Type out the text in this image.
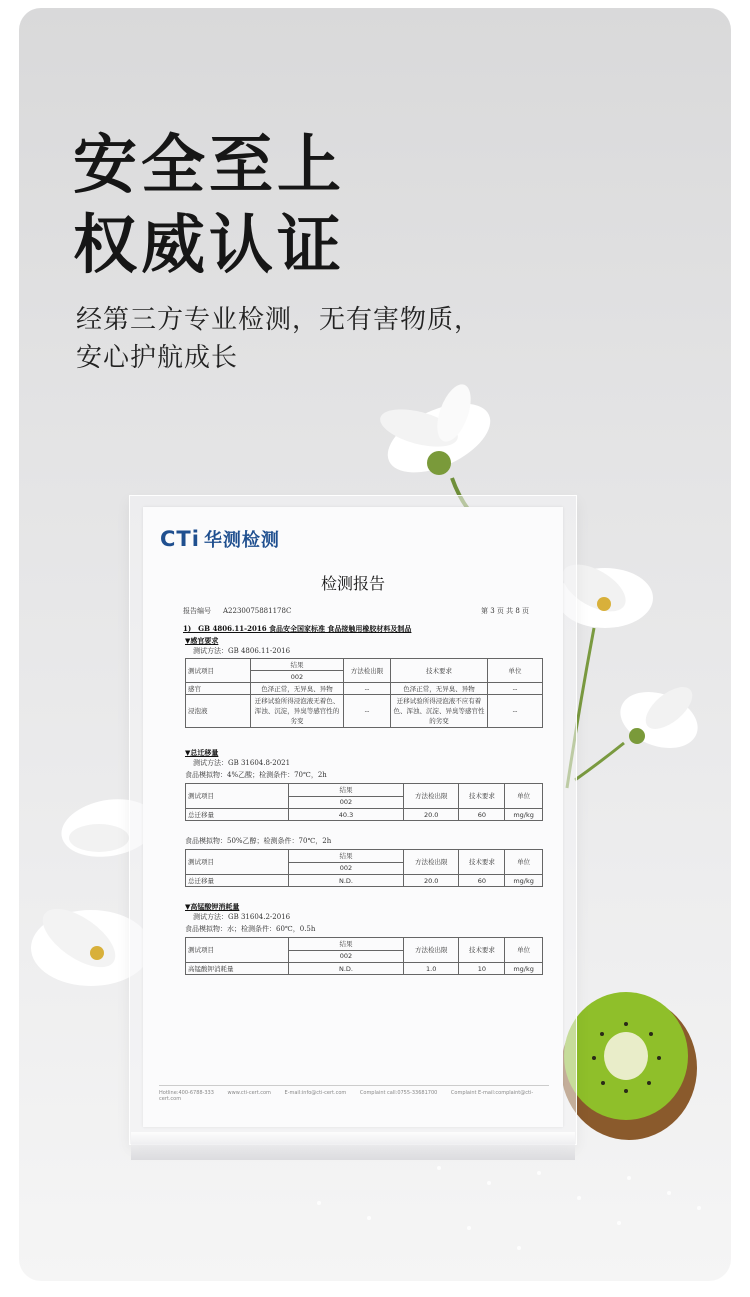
安全至上
权威认证
经第三方专业检测，无有害物质，
安心护航成长
CTi 华测检测
检测报告
报告编号 A2230075881178C	第 3 页 共 8 页
1)　GB 4806.11-2016 食品安全国家标准 食品接触用橡胶材料及制品
▼感官要求
测试方法：GB 4806.11-2016
测试项目	结果	方法检出限	技术要求	单位
	002			
感官	色泽正常，无异臭、异物	--	色泽正常，无异臭、异物	--
浸泡液	迁移试验所得浸泡液无着色、浑浊、沉淀，异臭等感官性的劣变	--	迁移试验所得浸泡液不应有着色、浑浊、沉淀、异臭等感官性的劣变	--
▼总迁移量
测试方法：GB 31604.8-2021
食品模拟物：4%乙酸；检测条件：70℃，2h
测试项目	结果	方法检出限	技术要求	单位
	002			
总迁移量	40.3	20.0	60	mg/kg
食品模拟物：50%乙醇；检测条件：70℃，2h
测试项目	结果	方法检出限	技术要求	单位
	002			
总迁移量	N.D.	20.0	60	mg/kg
▼高锰酸钾消耗量
测试方法：GB 31604.2-2016
食品模拟物：水；检测条件：60℃，0.5h
测试项目	结果	方法检出限	技术要求	单位
	002			
高锰酸钾消耗量	N.D.	1.0	10	mg/kg
Hotline:400-6788-333	www.cti-cert.com	E-mail:info@cti-cert.com	Complaint call:0755-33681700	Complaint E-mail:complaint@cti-cert.com
